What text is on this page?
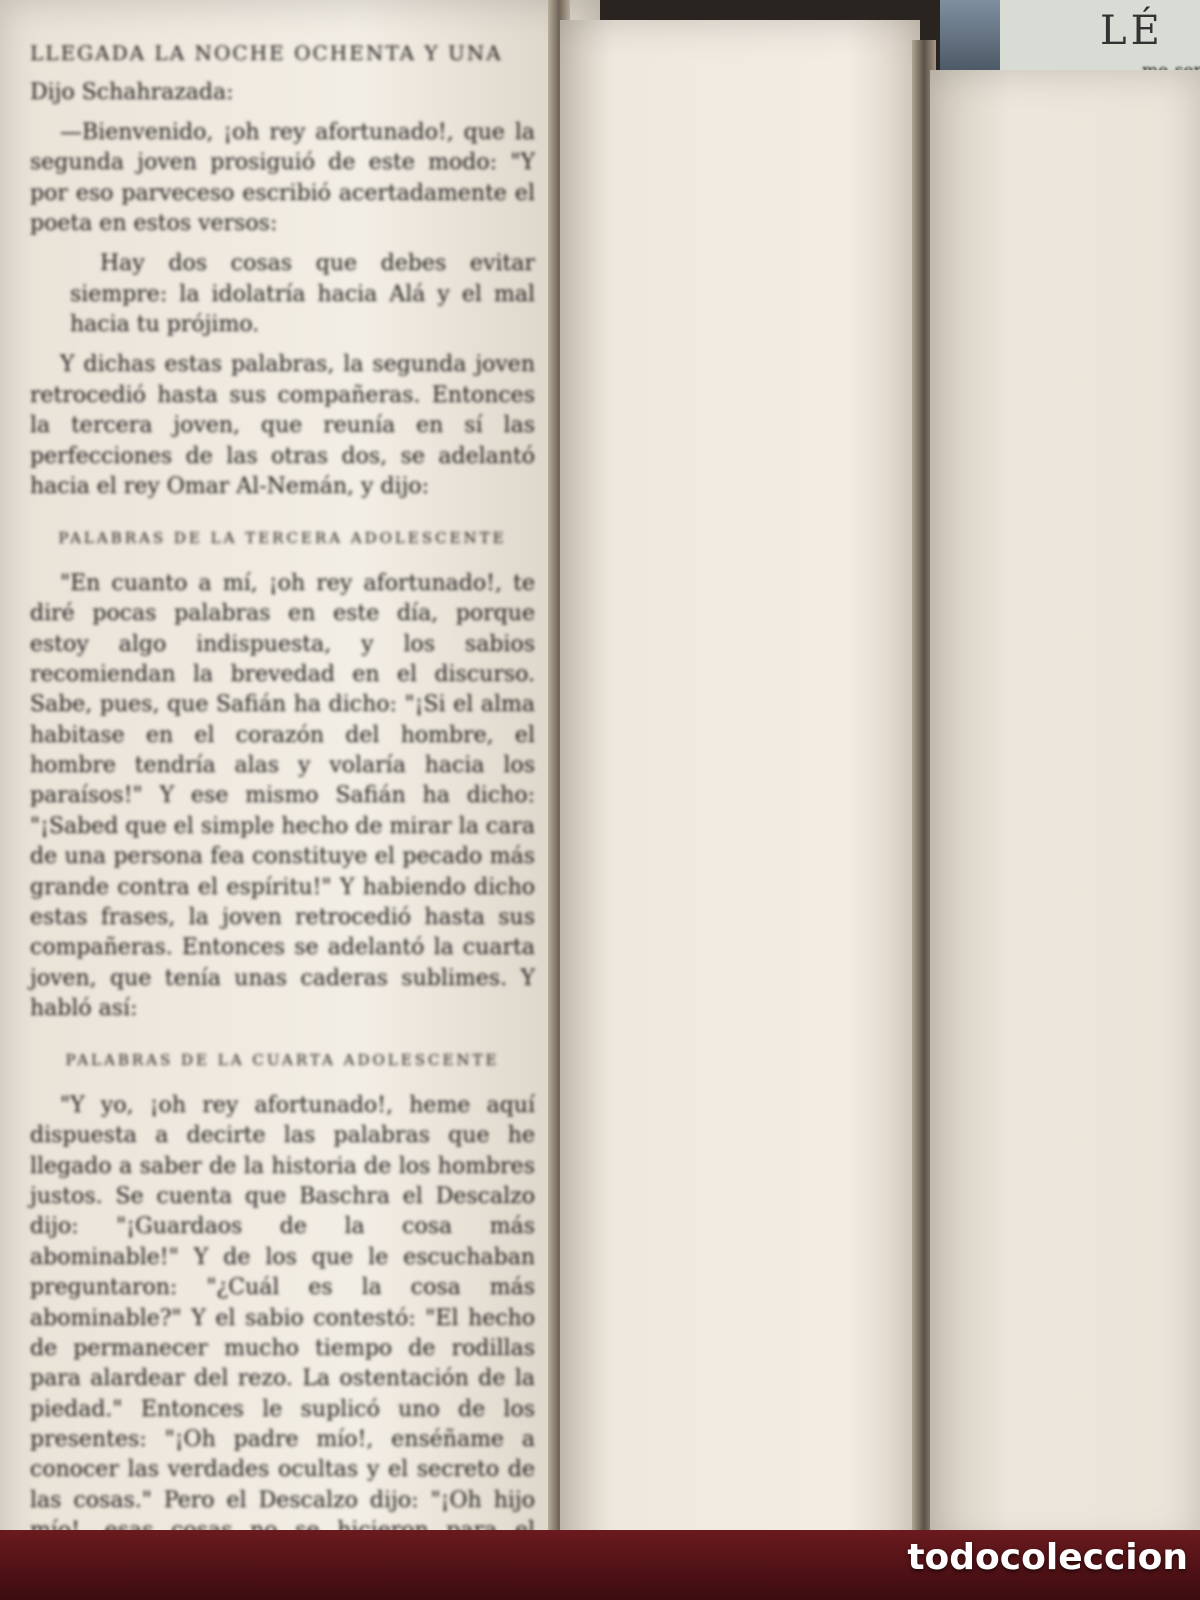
LÉ
LLEGADA LA NOCHE OCHENTA Y UNA

Dijo Schahrazada:

—Bienvenido, ¡oh rey afortunado!, que la segunda joven prosiguió de este modo: "Y por eso parveceso escribió acertadamente el poeta en estos versos:

Hay dos cosas que debes evitar siempre: la idolatría hacia Alá y el mal hacia tu prójimo.

Y dichas estas palabras, la segunda joven retrocedió hasta sus compañeras. Entonces la tercera joven, que reunía en sí las perfecciones de las otras dos, se adelantó hacia el rey Omar Al-Nemán, y dijo:

PALABRAS DE LA TERCERA ADOLESCENTE

"En cuanto a mí, ¡oh rey afortunado!, te diré pocas palabras en este día, porque estoy algo indispuesta, y los sabios recomiendan la brevedad en el discurso. Sabe, pues, que Safián ha dicho: "¡Si el alma habitase en el corazón del hombre, el hombre tendría alas y volaría hacia los paraísos!" Y ese mismo Safián ha dicho: "¡Sabed que el simple hecho de mirar la cara de una persona fea constituye el pecado más grande contra el espíritu!" Y habiendo dicho estas frases, la joven retrocedió hasta sus compañeras. Entonces se adelantó la cuarta joven, que tenía unas caderas sublimes. Y habló así:

PALABRAS DE LA CUARTA ADOLESCENTE

"Y yo, ¡oh rey afortunado!, heme aquí dispuesta a decirte las palabras que he llegado a saber de la historia de los hombres justos. Se cuenta que Baschra el Descalzo dijo: "¡Guardaos de la cosa más abominable!" Y de los que le escuchaban preguntaron: "¿Cuál es la cosa más abominable?" Y el sabio contestó: "El hecho de permanecer mucho tiempo de rodillas para alardear del rezo. La ostentación de la piedad." Entonces le suplicó uno de los presentes: "¡Oh padre mío!, enséñame a conocer las verdades ocultas y el secreto de las cosas." Pero el Descalzo dijo: "¡Oh hijo

todocoleccion
